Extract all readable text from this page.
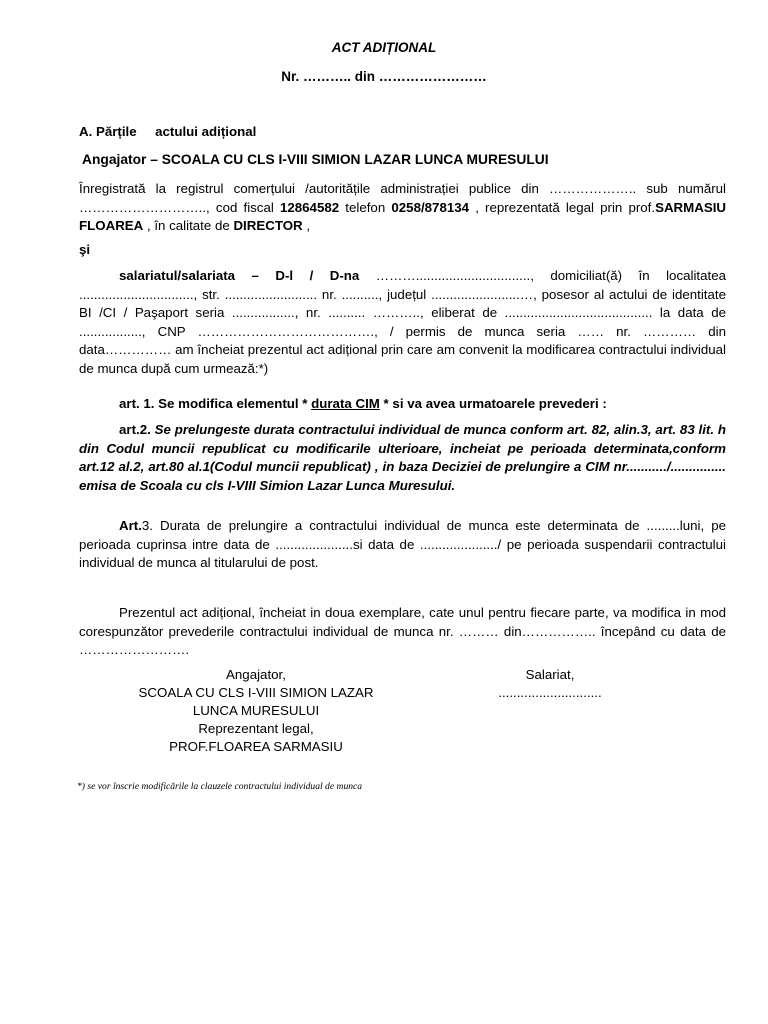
ACT ADIȚIONAL
Nr. ……….. din ……………………
A. Părțile     actului adițional
Angajator – SCOALA CU CLS I-VIII SIMION LAZAR LUNCA MURESULUI
Înregistrată la registrul comerțului /autoritățile administrației publice din ……………….. sub numărul ……………………….., cod fiscal 12864582 telefon 0258/878134 , reprezentată legal prin prof.SARMASIU FLOAREA , în calitate de DIRECTOR ,
şi
salariatul/salariata – D-l / D-na ………..............................., domiciliat(ă) în localitatea ..............................., str. ......................... nr. .........., județul ........................…, posesor al actului de identitate BI /CI / Paşaport seria ................., nr. .......... ……….., eliberat de ........................................ la data de ................., CNP …………………………………., / permis de munca seria …… nr. ………… din data…………… am încheiat prezentul act adițional prin care am convenit la modificarea contractului individual de munca după cum urmează:*)
art. 1. Se modifica elementul * durata CIM * si va avea urmatoarele prevederi :
art.2. Se prelungeste durata contractului individual de munca conform art. 82, alin.3, art. 83 lit. h din Codul muncii republicat cu modificarile ulterioare, incheiat pe perioada determinata,conform art.12 al.2, art.80 al.1(Codul muncii republicat) , in baza Deciziei de prelungire a CIM nr.........../............... emisa de Scoala cu cls I-VIII Simion Lazar Lunca Muresului.
Art.3. Durata de prelungire a contractului individual de munca este determinata de .........luni, pe perioada cuprinsa intre data de .....................si data de ...................../ pe perioada suspendarii contractului individual de munca al titularului de post.
Prezentul act adițional, încheiat in doua exemplare, cate unul pentru fiecare parte, va modifica in mod corespunzător prevederile contractului individual de munca nr. ……… din…………….. începând cu data de …………………….
Angajator,
SCOALA CU CLS I-VIII SIMION LAZAR
LUNCA MURESULUI
Reprezentant legal,
PROF.FLOAREA SARMASIU
Salariat,
............................
*) se vor înscrie modificările la clauzele contractului individual de munca
